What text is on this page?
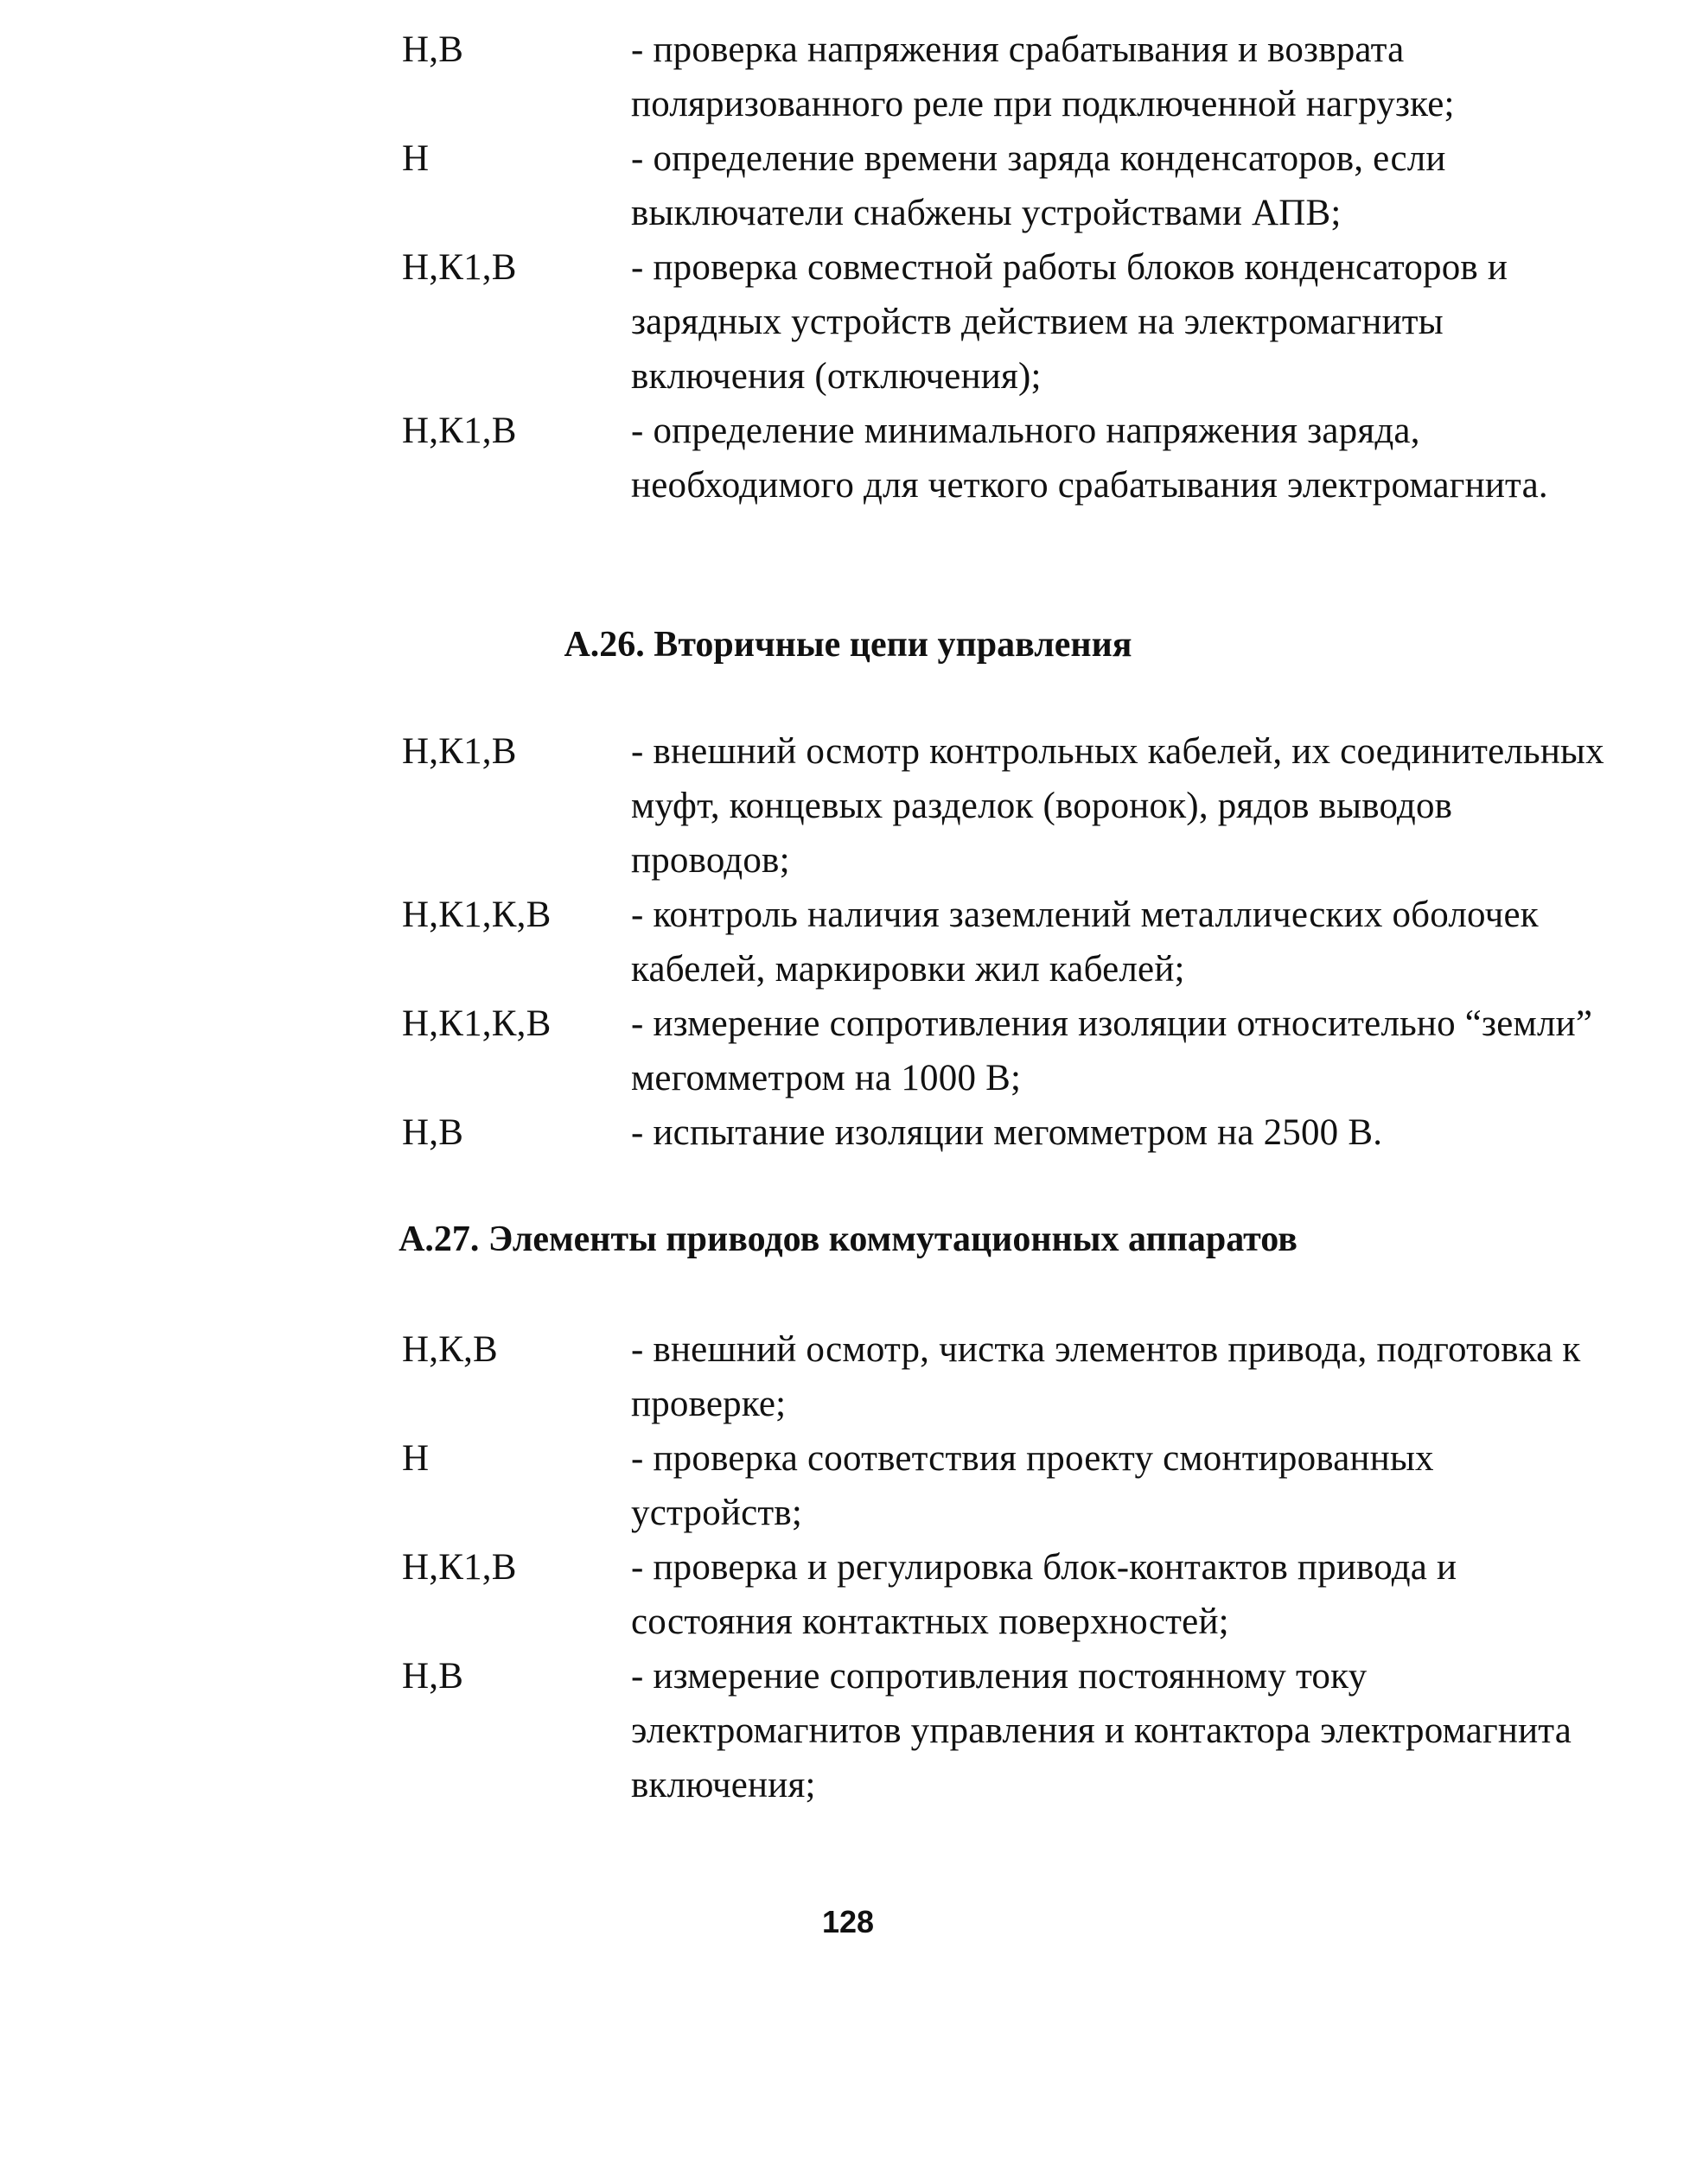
Н,В	- проверка напряжения срабатывания и возврата поляризованного реле при подключенной нагрузке;
Н	- определение времени заряда конденсаторов, если выключатели снабжены устройствами АПВ;
Н,К1,В	- проверка совместной работы блоков конденсаторов и зарядных устройств действием на электромагниты включения (отключения);
Н,К1,В	- определение минимального напряжения заряда, необходимого для четкого срабатывания электромагнита.
А.26. Вторичные цепи управления
Н,К1,В	- внешний осмотр контрольных кабелей, их соединительных муфт, концевых разделок (воронок), рядов выводов проводов;
Н,К1,К,В - контроль наличия заземлений металлических оболочек кабелей, маркировки жил кабелей;
Н,К1,К,В - измерение сопротивления изоляции относительно “земли” мегомметром на 1000 В;
Н,В	- испытание изоляции мегомметром на 2500 В.
А.27. Элементы приводов коммутационных аппаратов
Н,К,В	- внешний осмотр, чистка элементов привода, подготовка к проверке;
Н	- проверка соответствия проекту смонтированных устройств;
Н,К1,В	- проверка и регулировка блок-контактов привода и состояния контактных поверхностей;
Н,В	- измерение сопротивления постоянному току электромагнитов управления и контактора электромагнита включения;
128
